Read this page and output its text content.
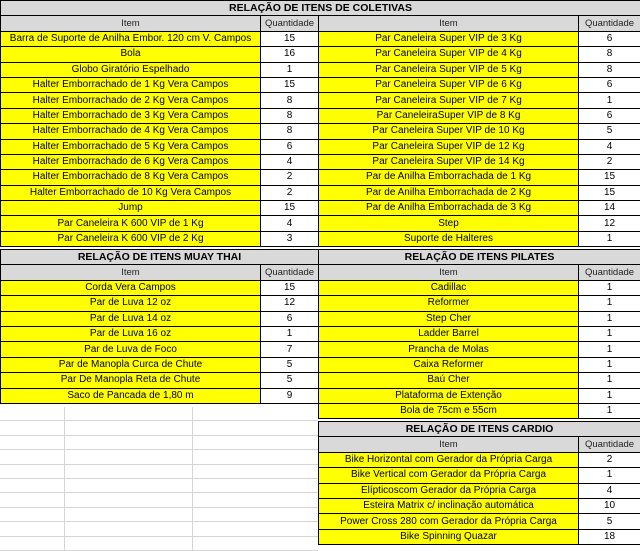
RELAÇÃO DE ITENS DE COLETIVAS			
Item	Quantidade	Item	Quantidade
Barra de Suporte de Anilha Embor. 120 cm V. Campos	15	Par Caneleira Super VIP de 3 Kg	6
Bola	16	Par Caneleira Super VIP de 4 Kg	8
Globo Giratório Espelhado	1	Par Caneleira Super VIP de 5 Kg	8
Halter Emborrachado de 1 Kg Vera Campos	15	Par Caneleira Super VIP de 6 Kg	6
Halter Emborrachado de 2 Kg Vera Campos	8	Par Caneleira Super VIP de 7 Kg	1
Halter Emborrachado de 3 Kg Vera Campos	8	Par CaneleiraSuper VIP de 8 Kg	6
Halter Emborrachado de 4 Kg Vera Campos	8	Par Caneleira Super VIP de 10 Kg	5
Halter Emborrachado de 5 Kg Vera Campos	6	Par Caneleira Super VIP de 12 Kg	4
Halter Emborrachado de 6 Kg Vera Campos	4	Par Caneleira Super VIP de 14 Kg	2
Halter Emborrachado de 8 Kg Vera Campos	2	Par de Anilha Emborrachada de 1 Kg	15
Halter Emborrachado de 10 Kg Vera Campos	2	Par de Anilha Emborrachada de 2 Kg	15
Jump	15	Par de Anilha Emborrachada de 3 Kg	14
Par Caneleira K 600 VIP de 1 Kg	4	Step	12
Par Caneleira K 600 VIP de 2 Kg	3	Suporte de Halteres	1
RELAÇÃO DE ITENS MUAY THAI	
Item	Quantidade
Corda Vera Campos	15
Par de Luva 12 oz	12
Par de Luva 14 oz	6
Par de Luva 16 oz	1
Par de Luva de Foco	7
Par de Manopla Curca de Chute	5
Par De Manopla Reta de Chute	5
Saco de Pancada de 1,80 m	9
RELAÇÃO DE ITENS PILATES	
Item	Quantidade
Cadillac	1
Reformer	1
Step Cher	1
Ladder Barrel	1
Prancha de Molas	1
Caixa Reformer	1
Baú Cher	1
Plataforma de Extenção	1
Bola de 75cm e 55cm	1
RELAÇÃO DE ITENS CARDIO	
Item	Quantidade
Bike Horizontal com Gerador da Própria Carga	2
Bike Vertical com Gerador da Própria Carga	1
Elípticoscom Gerador da Própria Carga	4
Esteira Matrix c/ inclinação automática	10
Power Cross 280 com Gerador da Própria Carga	5
Bike Spinning Quazar	18
